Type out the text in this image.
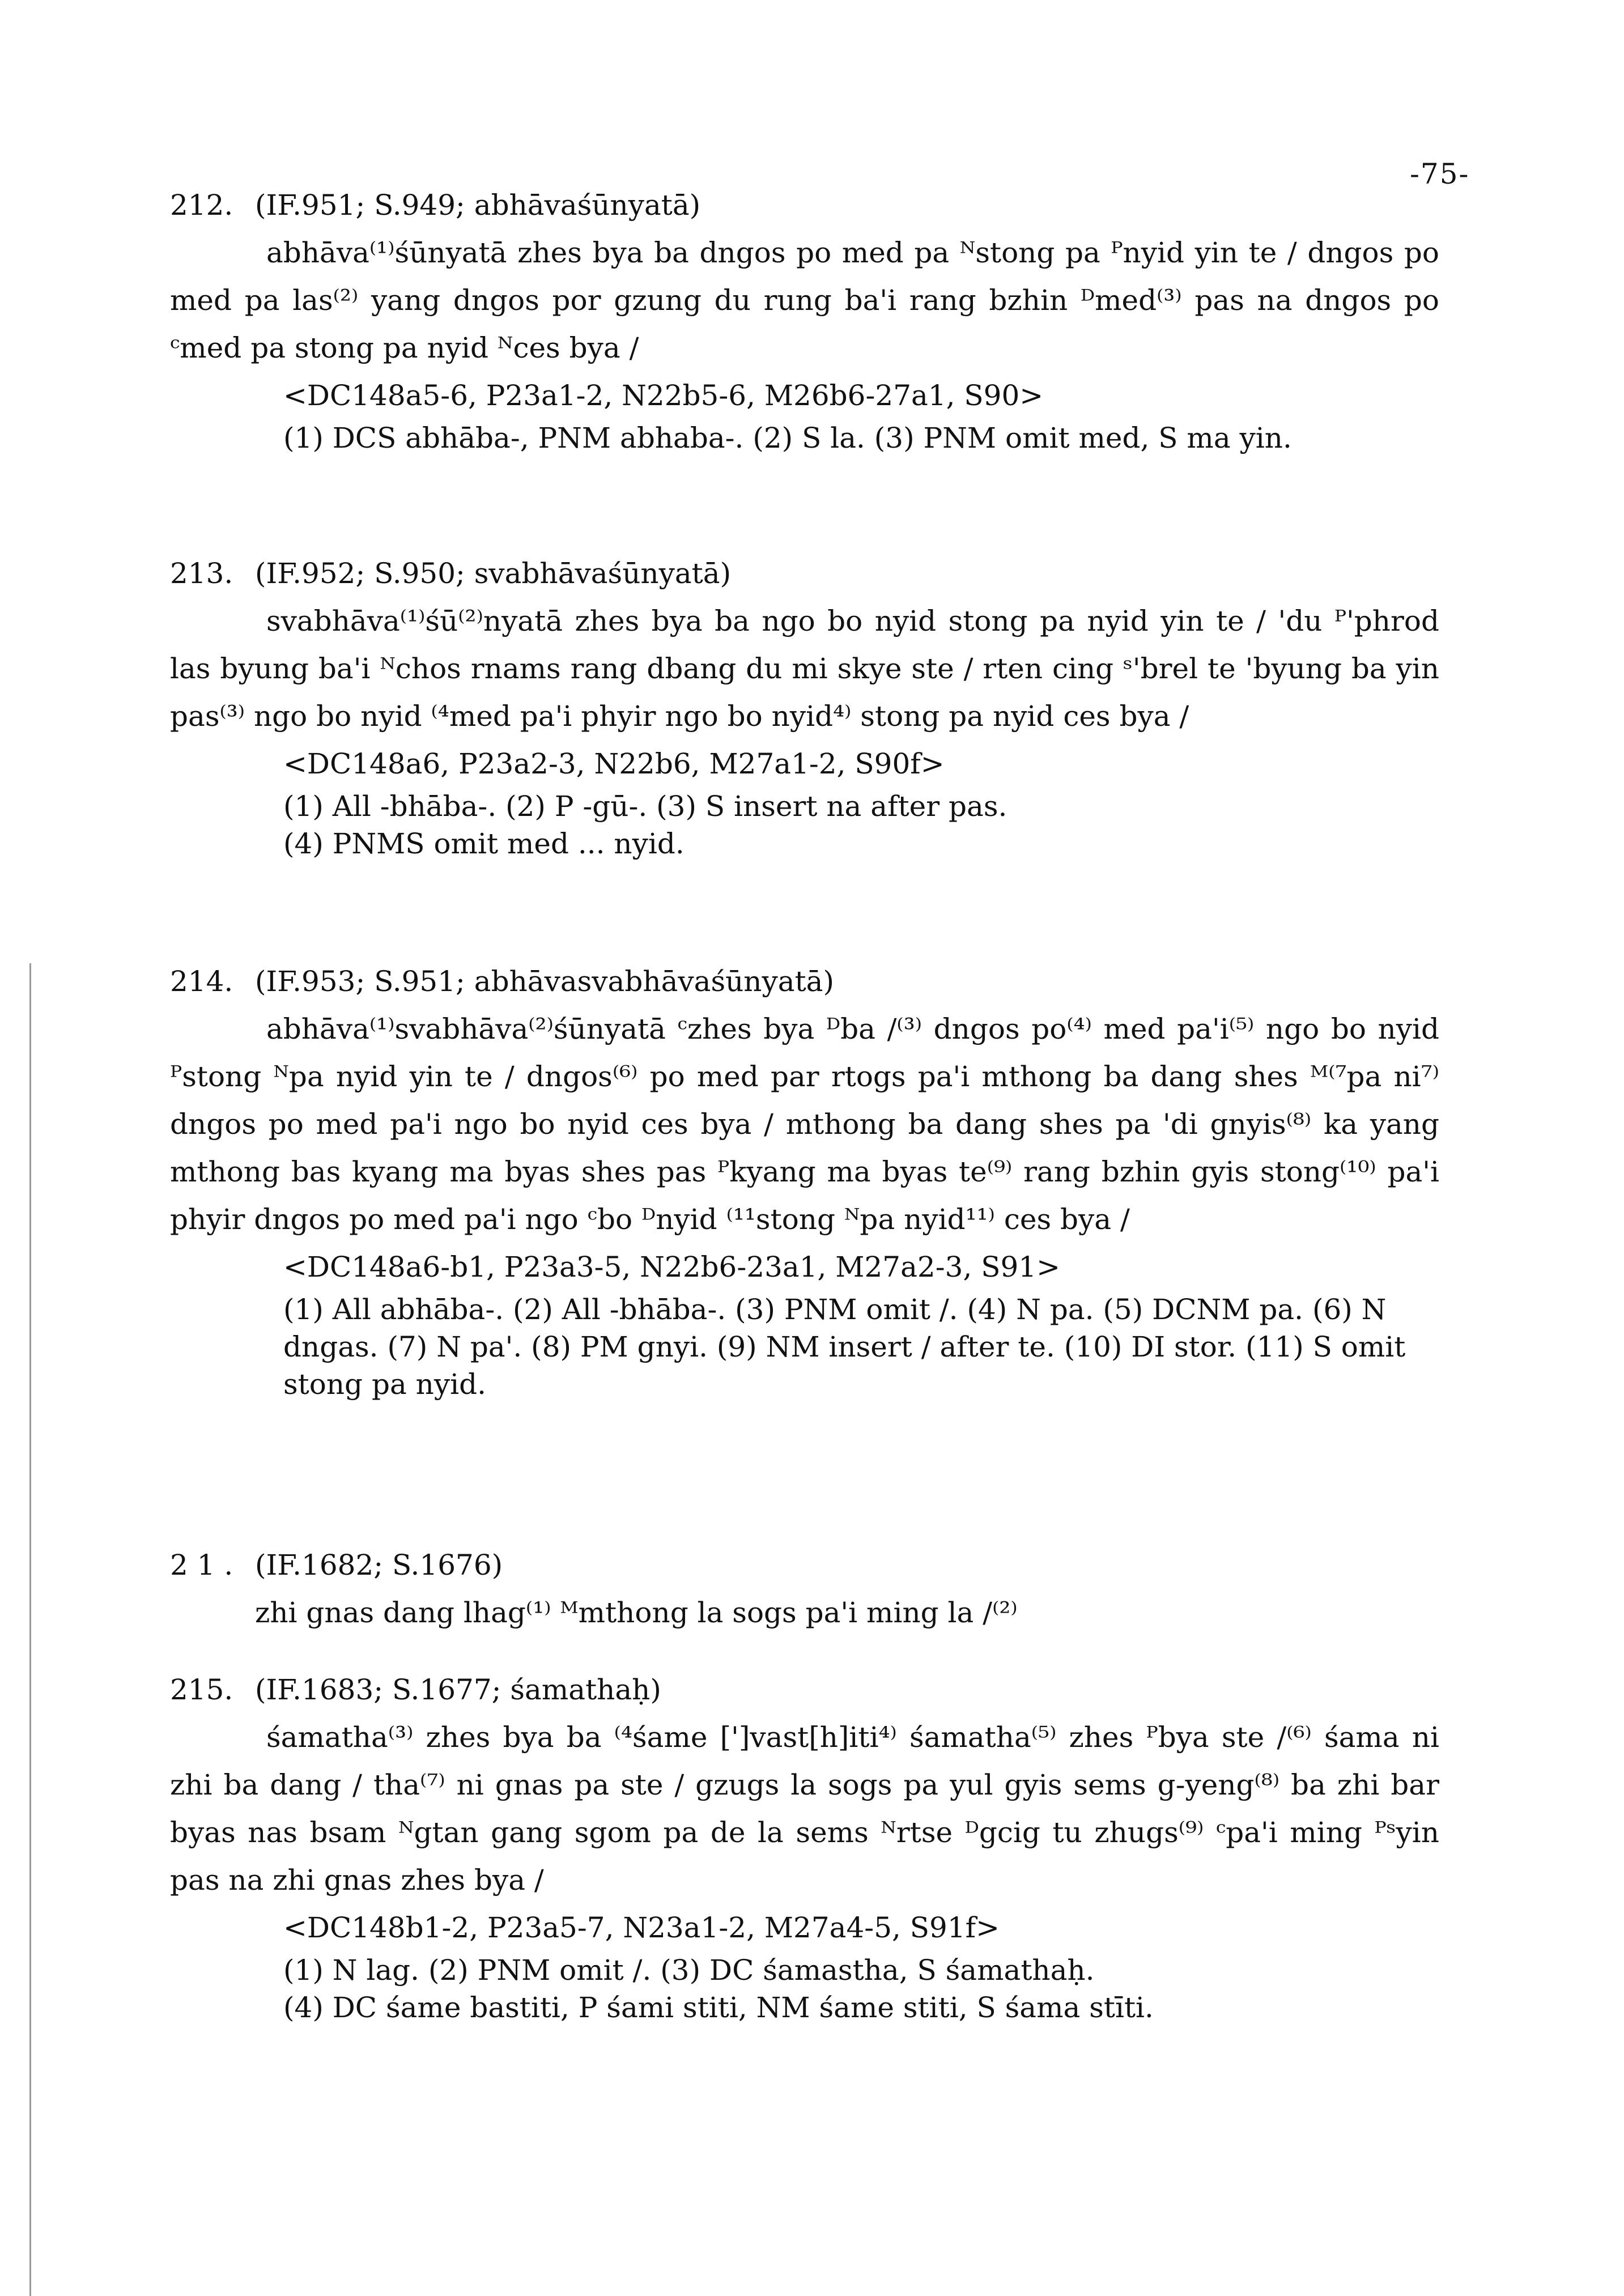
-75-
212. (IF.951; S.949; abhāvaśūnyatā)

abhāva⁽¹⁾śūnyatā zhes bya ba dngos po med pa ᴺstong pa ᴾnyid yin te / dngos po med pa las⁽²⁾ yang dngos por gzung du rung ba'i rang bzhin ᴰmed⁽³⁾ pas na dngos po ᶜmed pa stong pa nyid ᴺces bya /

<DC148a5-6, P23a1-2, N22b5-6, M26b6-27a1, S90>

(1) DCS abhāba-, PNM abhaba-. (2) S la. (3) PNM omit med, S ma yin.

213. (IF.952; S.950; svabhāvaśūnyatā)

svabhāva⁽¹⁾śū⁽²⁾nyatā zhes bya ba ngo bo nyid stong pa nyid yin te / 'du ᴾ'phrod las byung ba'i ᴺchos rnams rang dbang du mi skye ste / rten cing ˢ'brel te 'byung ba yin pas⁽³⁾ ngo bo nyid ⁽⁴med pa'i phyir ngo bo nyid⁴⁾ stong pa nyid ces bya /

<DC148a6, P23a2-3, N22b6, M27a1-2, S90f>

(1) All -bhāba-. (2) P -gū-. (3) S insert na after pas.
(4) PNMS omit med ... nyid.

214. (IF.953; S.951; abhāvasvabhāvaśūnyatā)

abhāva⁽¹⁾svabhāva⁽²⁾śūnyatā ᶜzhes bya ᴰba /⁽³⁾ dngos po⁽⁴⁾ med pa'i⁽⁵⁾ ngo bo nyid ᴾstong ᴺpa nyid yin te / dngos⁽⁶⁾ po med par rtogs pa'i mthong ba dang shes ᴹ⁽⁷pa ni⁷⁾ dngos po med pa'i ngo bo nyid ces bya / mthong ba dang shes pa 'di gnyis⁽⁸⁾ ka yang mthong bas kyang ma byas shes pas ᴾkyang ma byas te⁽⁹⁾ rang bzhin gyis stong⁽¹⁰⁾ pa'i phyir dngos po med pa'i ngo ᶜbo ᴰnyid ⁽¹¹stong ᴺpa nyid¹¹⁾ ces bya /

<DC148a6-b1, P23a3-5, N22b6-23a1, M27a2-3, S91>

(1) All abhāba-. (2) All -bhāba-. (3) PNM omit /. (4) N pa. (5) DCNM pa. (6) N dngas. (7) N pa'. (8) PM gnyi. (9) NM insert / after te. (10) DI stor. (11) S omit stong pa nyid.

2 1 . (IF.1682; S.1676)
zhi gnas dang lhag⁽¹⁾ ᴹmthong la sogs pa'i ming la /⁽²⁾
215. (IF.1683; S.1677; śamathaḥ)

śamatha⁽³⁾ zhes bya ba ⁽⁴śame [']vast[h]iti⁴⁾ śamatha⁽⁵⁾ zhes ᴾbya ste /⁽⁶⁾ śama ni zhi ba dang / tha⁽⁷⁾ ni gnas pa ste / gzugs la sogs pa yul gyis sems g-yeng⁽⁸⁾ ba zhi bar byas nas bsam ᴺgtan gang sgom pa de la sems ᴺrtse ᴰgcig tu zhugs⁽⁹⁾ ᶜpa'i ming ᴾˢyin pas na zhi gnas zhes bya /

<DC148b1-2, P23a5-7, N23a1-2, M27a4-5, S91f>

(1) N lag. (2) PNM omit /. (3) DC śamastha, S śamathaḥ.
(4) DC śame bastiti, P śami stiti, NM śame stiti, S śama stīti.
